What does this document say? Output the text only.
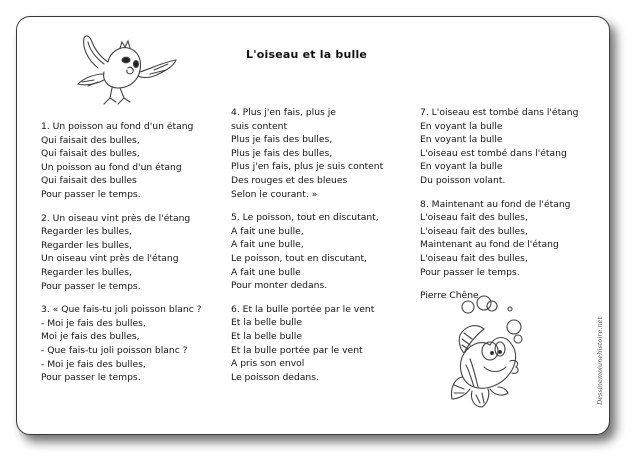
L'oiseau et la bulle
1. Un poisson au fond d'un étang
Qui faisait des bulles,
Qui faisait des bulles,
Un poisson au fond d'un étang
Qui faisait des bulles
Pour passer le temps.
2. Un oiseau vint près de l'étang
Regarder les bulles,
Regarder les bulles,
Un oiseau vint près de l'étang
Regarder les bulles,
Pour passer le temps.
3. « Que fais-tu joli poisson blanc ?
- Moi je fais des bulles,
Moi je fais des bulles,
- Que fais-tu joli poisson blanc ?
- Moi je fais des bulles,
Pour passer le temps.
4. Plus j'en fais, plus je suis content
Plus je fais des bulles,
Plus je fais des bulles,
Plus j'en fais, plus je suis content
Des rouges et des bleues
Selon le courant. »
5. Le poisson, tout en discutant,
A fait une bulle,
A fait une bulle,
Le poisson, tout en discutant,
A fait une bulle
Pour monter dedans.
6. Et la bulle portée par le vent
Et la belle bulle
Et la belle bulle
Et la bulle portée par le vent
A pris son envol
Le poisson dedans.
7. L'oiseau est tombé dans l'étang
En voyant la bulle
En voyant la bulle
L'oiseau est tombé dans l'étang
En voyant la bulle
Du poisson volant.
8. Maintenant au fond de l'étang
L'oiseau fait des bulles,
L'oiseau fait des bulles,
Maintenant au fond de l'étang
L'oiseau fait des bulles,
Pour passer le temps.
Pierre Chêne
Dessinemoiunehistoire.net
